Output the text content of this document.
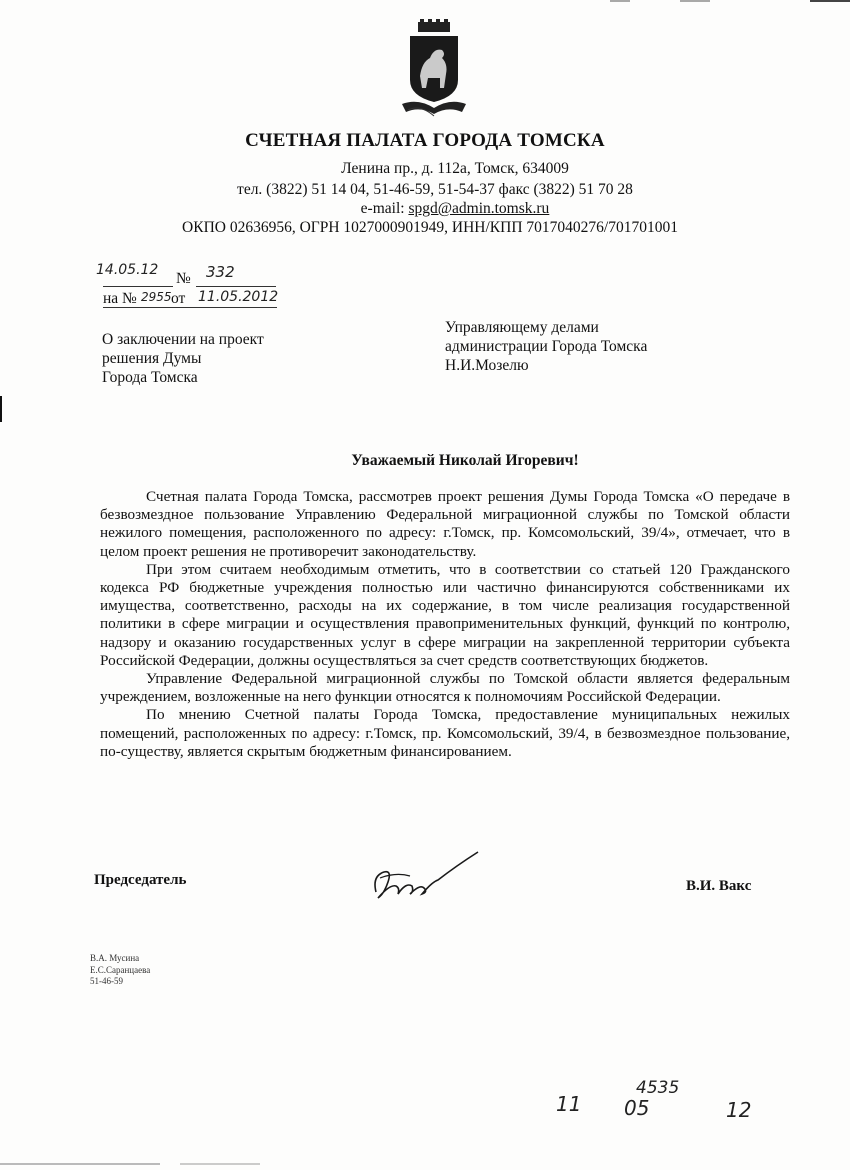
СЧЕТНАЯ ПАЛАТА ГОРОДА ТОМСКА
Ленина пр., д. 112а, Томск, 634009
тел. (3822) 51 14 04, 51-46-59, 51-54-37 факс (3822) 51 70 28
e-mail: spgd@admin.tomsk.ru
ОКПО 02636956, ОГРН 1027000901949, ИНН/КПП 7017040276/701701001
14.05.12 № 332
на № 2955 от 11.05.2012
О заключении на проект
решения Думы
Города Томска
Управляющему делами
администрации Города Томска
Н.И.Мозелю
Уважаемый Николай Игоревич!

Счетная палата Города Томска, рассмотрев проект решения Думы Города Томска «О передаче в безвозмездное пользование Управлению Федеральной миграционной службы по Томской области нежилого помещения, расположенного по адресу: г.Томск, пр. Комсомольский, 39/4», отмечает, что в целом проект решения не противоречит законодательству.

При этом считаем необходимым отметить, что в соответствии со статьей 120 Гражданского кодекса РФ бюджетные учреждения полностью или частично финансируются собственниками их имущества, соответственно, расходы на их содержание, в том числе реализация государственной политики в сфере миграции и осуществления правоприменительных функций, функций по контролю, надзору и оказанию государственных услуг в сфере миграции на закрепленной территории субъекта Российской Федерации, должны осуществляться за счет средств соответствующих бюджетов.

Управление Федеральной миграционной службы по Томской области является федеральным учреждением, возложенные на него функции относятся к полномочиям Российской Федерации.

По мнению Счетной палаты Города Томска, предоставление муниципальных нежилых помещений, расположенных по адресу: г.Томск, пр. Комсомольский, 39/4, в безвозмездное пользование, по-существу, является скрытым бюджетным финансированием.

Председатель	В.И. Вакс
В.А. Мусина
Е.С.Саранцаева
51-46-59
4535
11 05	12
